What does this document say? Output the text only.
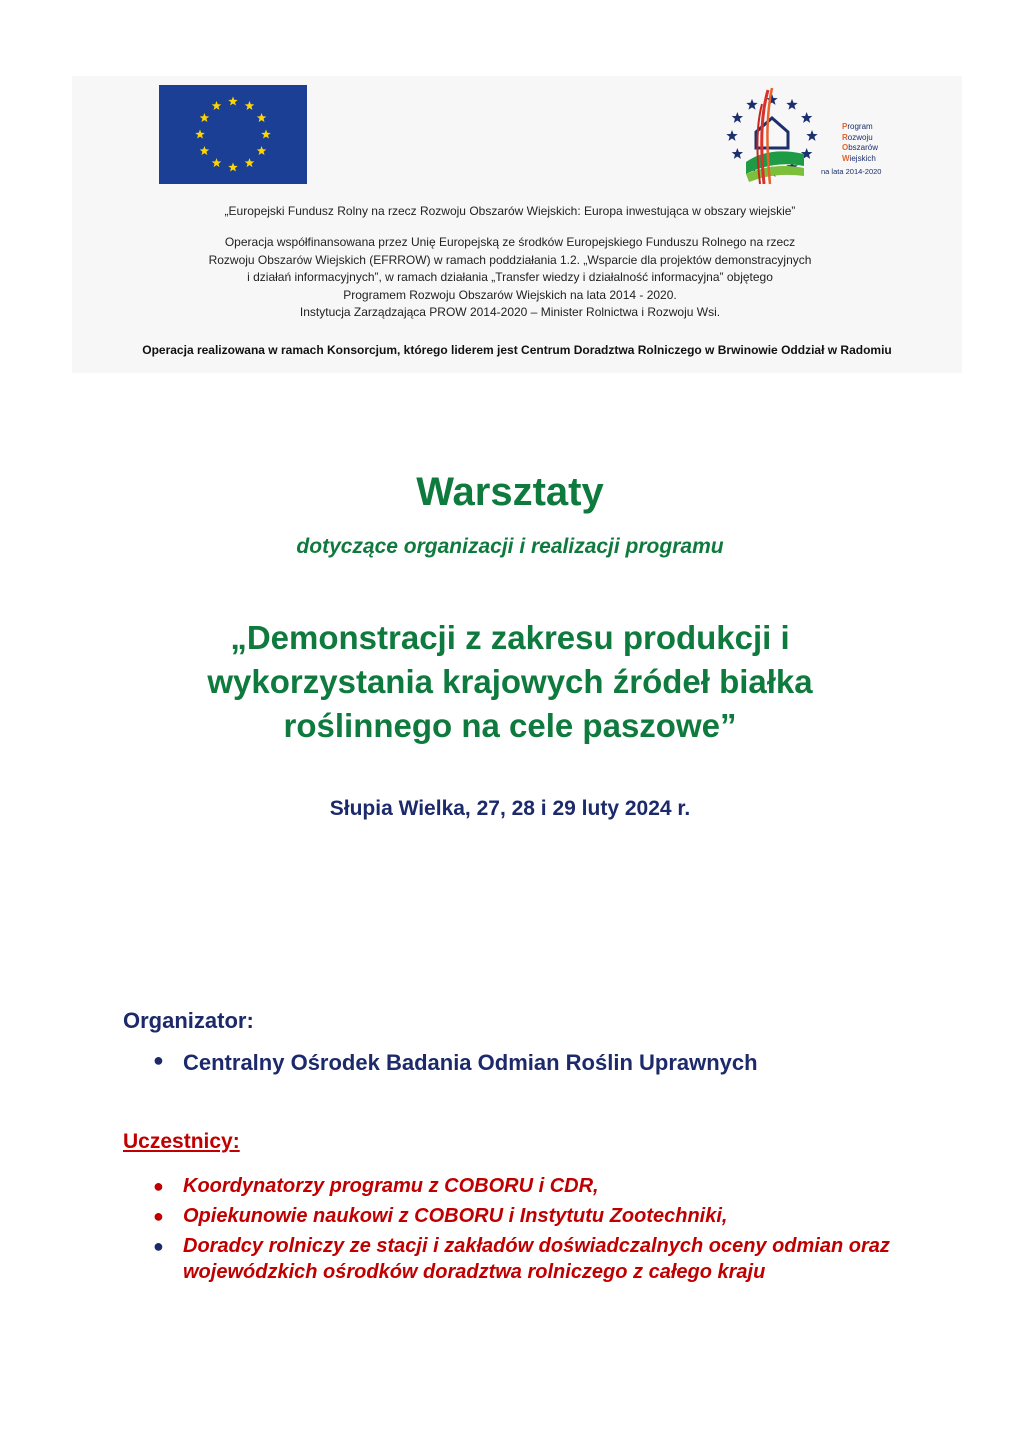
Program
Rozwoju
Obszarów
Wiejskich
na lata 2014-2020
„Europejski Fundusz Rolny na rzecz Rozwoju Obszarów Wiejskich: Europa inwestująca w obszary wiejskie”
Operacja współfinansowana przez Unię Europejską ze środków Europejskiego Funduszu Rolnego na rzecz
Rozwoju Obszarów Wiejskich (EFRROW) w ramach poddziałania 1.2. „Wsparcie dla projektów demonstracyjnych
i działań informacyjnych”, w ramach działania „Transfer wiedzy i działalność informacyjna” objętego
Programem Rozwoju Obszarów Wiejskich na lata 2014 - 2020.
Instytucja Zarządzająca PROW 2014-2020 – Minister Rolnictwa i Rozwoju Wsi.
Operacja realizowana w ramach Konsorcjum, którego liderem jest Centrum Doradztwa Rolniczego w Brwinowie Oddział w Radomiu
Warsztaty
dotyczące organizacji i realizacji programu
„Demonstracji z zakresu produkcji i
wykorzystania krajowych źródeł białka
roślinnego na cele paszowe”
Słupia Wielka, 27, 28 i 29 luty 2024 r.
Organizator:
● Centralny Ośrodek Badania Odmian Roślin Uprawnych
Uczestnicy:
● Koordynatorzy programu z COBORU i CDR,
● Opiekunowie naukowi z COBORU i Instytutu Zootechniki,
● Doradcy rolniczy ze stacji i zakładów doświadczalnych oceny odmian oraz wojewódzkich ośrodków doradztwa rolniczego z całego kraju
